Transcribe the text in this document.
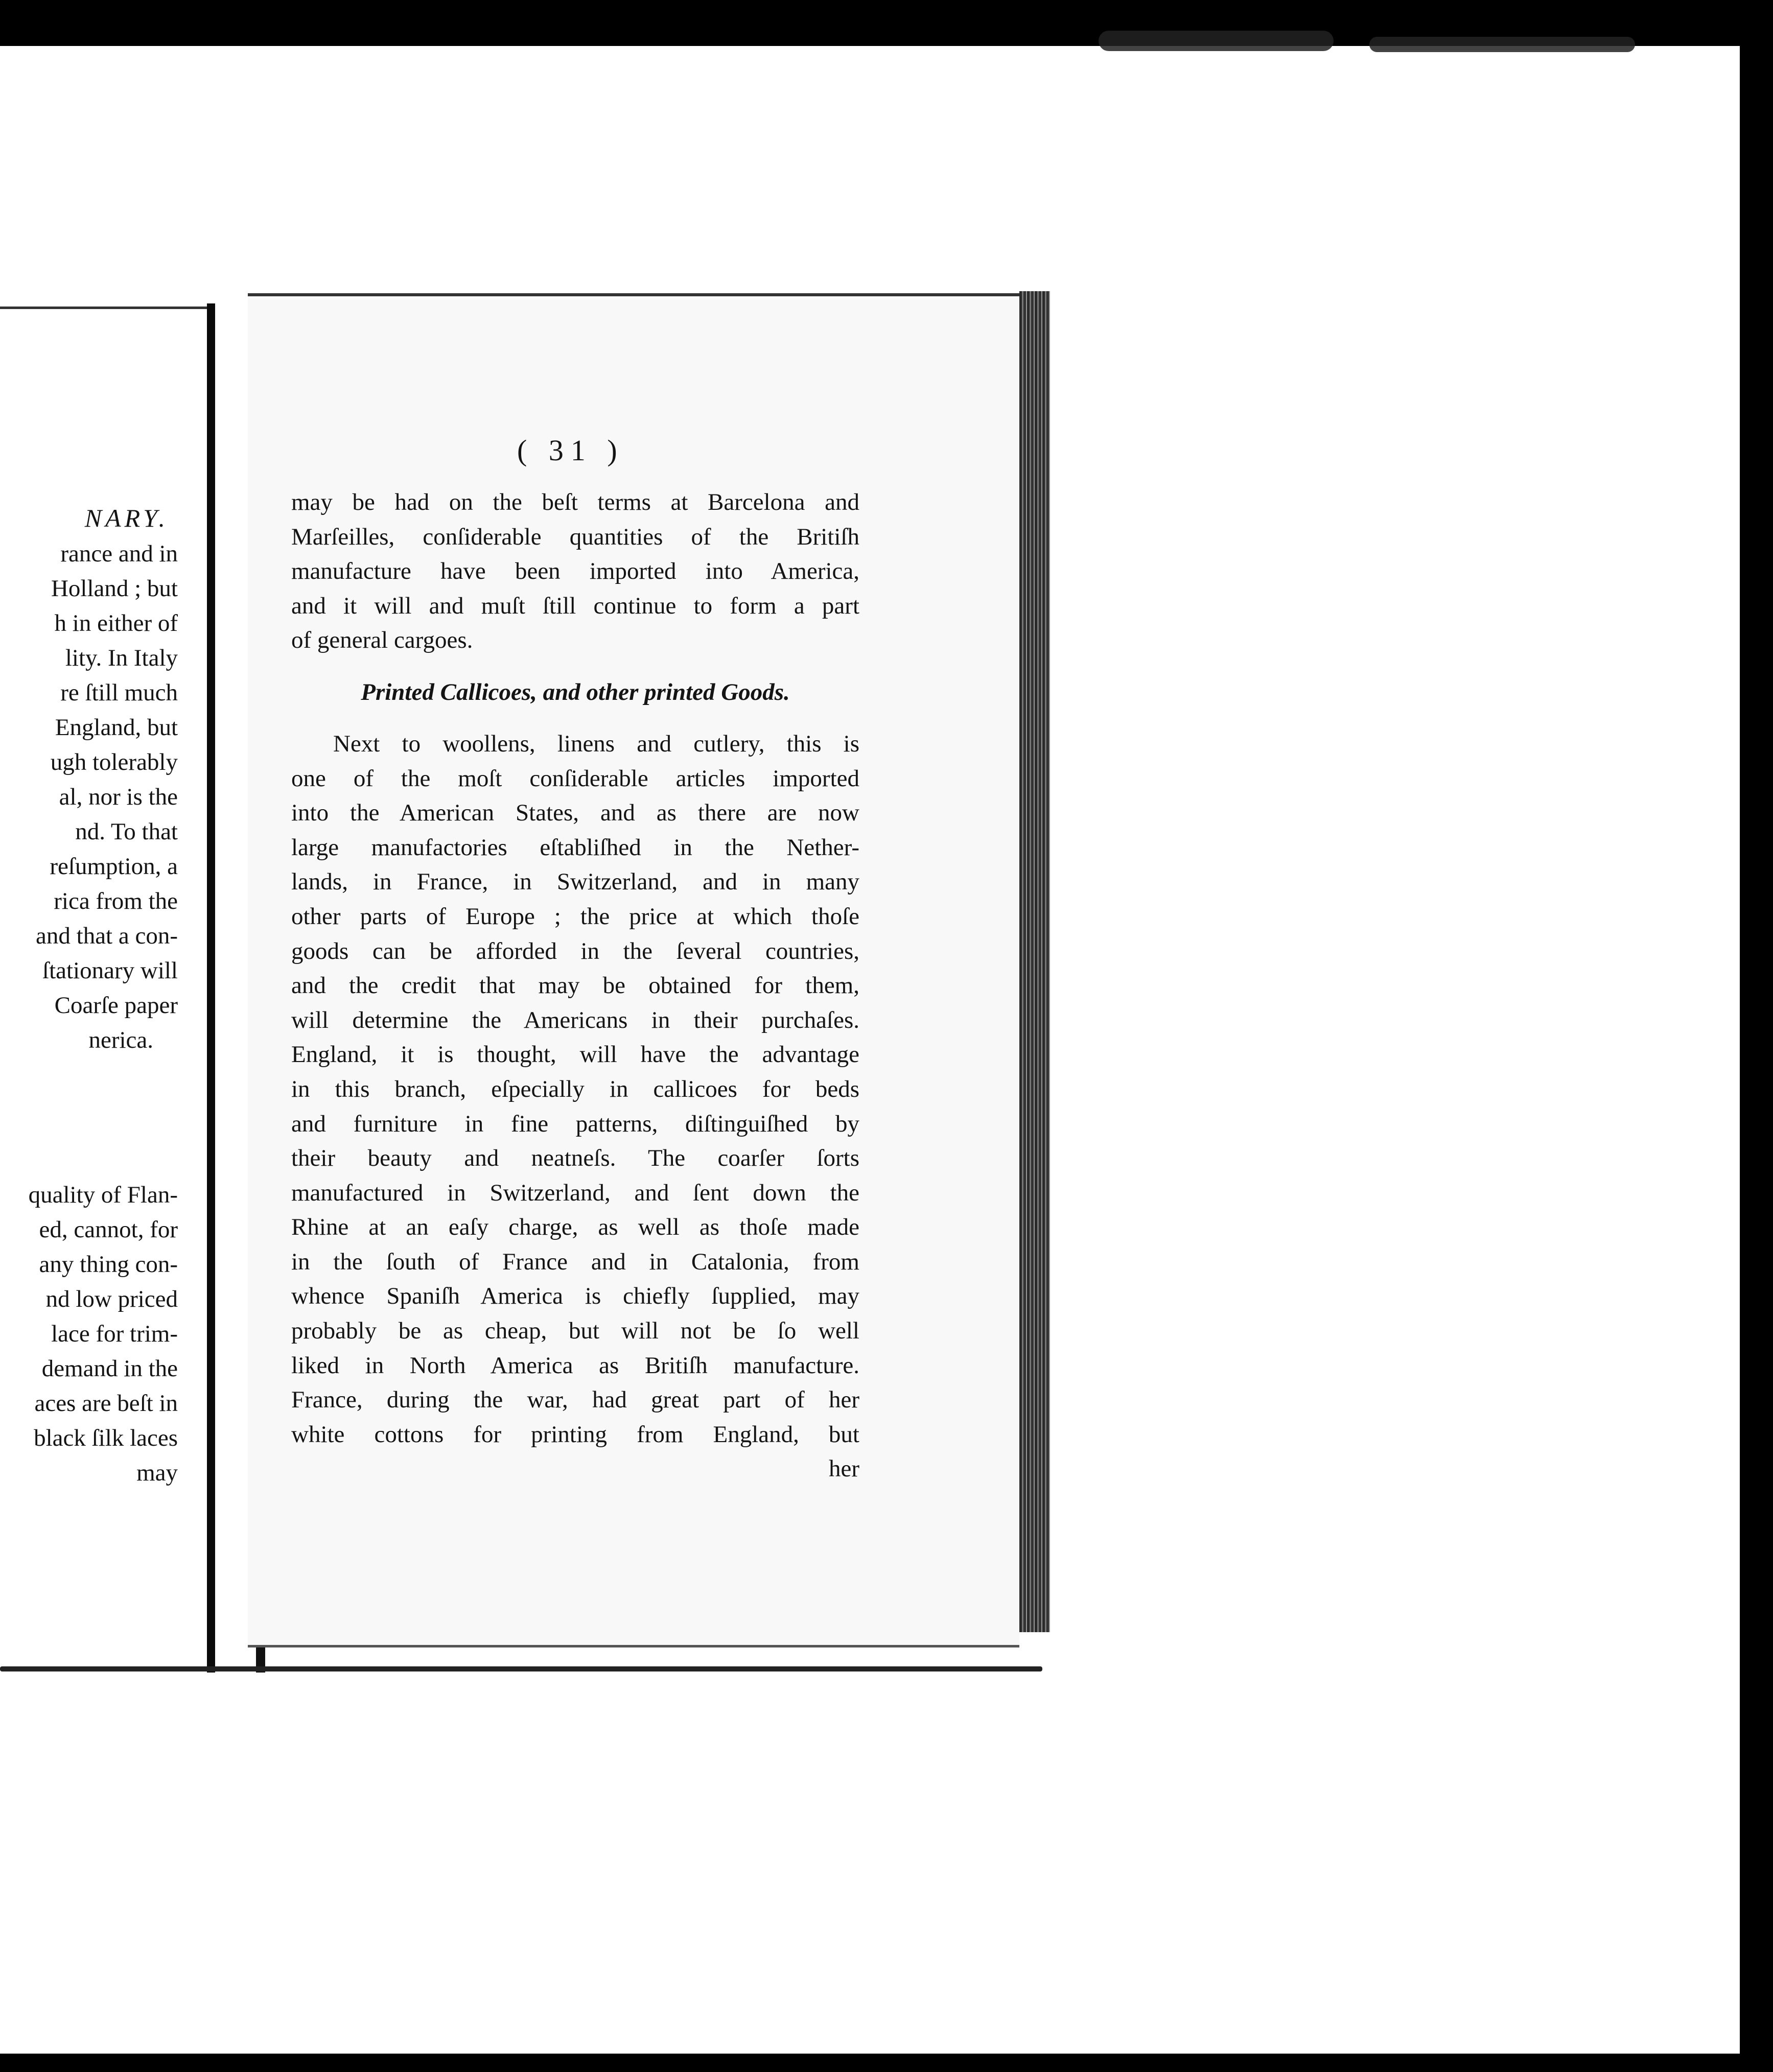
NARY.

rance and in

Holland ; but

h in either of

lity. In Italy

re ſtill much

England, but

ugh tolerably

al, nor is the

nd. To that

reſumption, a

rica from the

and that a con-

ſtationary will

Coarſe paper

nerica.

quality of Flan-

ed, cannot, for

any thing con-

nd low priced

lace for trim-

demand in the

aces are beſt in

black ſilk laces

may

( 31 )

may be had on the beſt terms at Barcelona and
Marſeilles, conſiderable quantities of the Britiſh
manufacture have been imported into America,
and it will and muſt ſtill continue to form a part
of general cargoes.
Printed Callicoes, and other printed Goods.
Next to woollens, linens and cutlery, this is
one of the moſt conſiderable articles imported
into the American States, and as there are now
large manufactories eſtabliſhed in the Nether-
lands, in France, in Switzerland, and in many
other parts of Europe ; the price at which thoſe
goods can be afforded in the ſeveral countries,
and the credit that may be obtained for them,
will determine the Americans in their purchaſes.
England, it is thought, will have the advantage
in this branch, eſpecially in callicoes for beds
and furniture in fine patterns, diſtinguiſhed by
their beauty and neatneſs. The coarſer ſorts
manufactured in Switzerland, and ſent down the
Rhine at an eaſy charge, as well as thoſe made
in the ſouth of France and in Catalonia, from
whence Spaniſh America is chiefly ſupplied, may
probably be as cheap, but will not be ſo well
liked in North America as Britiſh manufacture.
France, during the war, had great part of her
white cottons for printing from England, but
her
